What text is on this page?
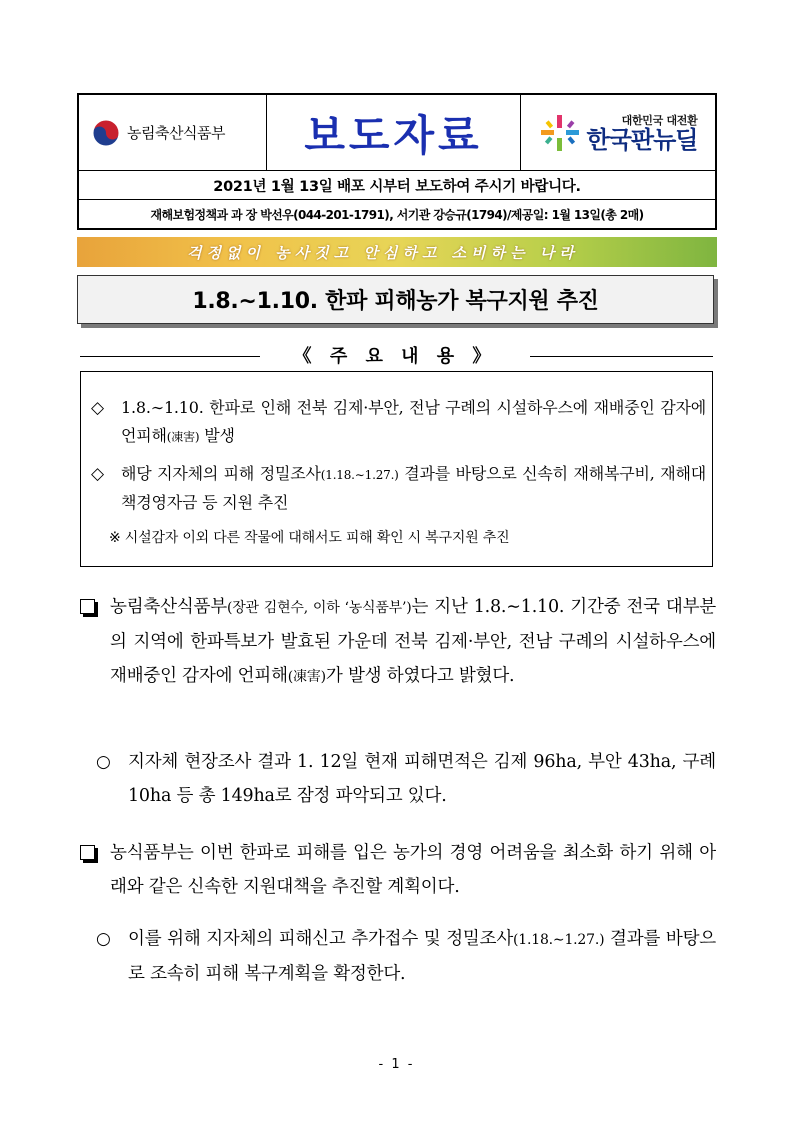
농림축산식품부 보도자료	대한민국 대전환
한국판뉴딜
2021년 1월 13일 배포 시부터 보도하여 주시기 바랍니다.
재해보험정책과 과 장 박선우(044-201-1791), 서기관 강승규(1794)/제공일: 1월 13일(총 2매)
걱정없이 농사짓고 안심하고 소비하는 나라
1.8.∼1.10. 한파 피해농가 복구지원 추진
《 주 요 내 용 》
◇ 1.8.∼1.10. 한파로 인해 전북 김제·부안, 전남 구례의 시설하우스에 재배중인 감자에 언피해(凍害) 발생
◇ 해당 지자체의 피해 정밀조사(1.18.∼1.27.) 결과를 바탕으로 신속히 재해복구비, 재해대책경영자금 등 지원 추진
※ 시설감자 이외 다른 작물에 대해서도 피해 확인 시 복구지원 추진
농림축산식품부(장관 김현수, 이하 ‘농식품부’)는 지난 1.8.∼1.10. 기간중 전국 대부분의 지역에 한파특보가 발효된 가운데 전북 김제·부안, 전남 구례의 시설하우스에 재배중인 감자에 언피해(凍害)가 발생 하였다고 밝혔다.
○ 지자체 현장조사 결과 1. 12일 현재 피해면적은 김제 96ha, 부안 43ha, 구례 10ha 등 총 149ha로 잠정 파악되고 있다.
농식품부는 이번 한파로 피해를 입은 농가의 경영 어려움을 최소화 하기 위해 아래와 같은 신속한 지원대책을 추진할 계획이다.
○ 이를 위해 지자체의 피해신고 추가접수 및 정밀조사(1.18.∼1.27.) 결과를 바탕으로 조속히 피해 복구계획을 확정한다.
- 1 -
